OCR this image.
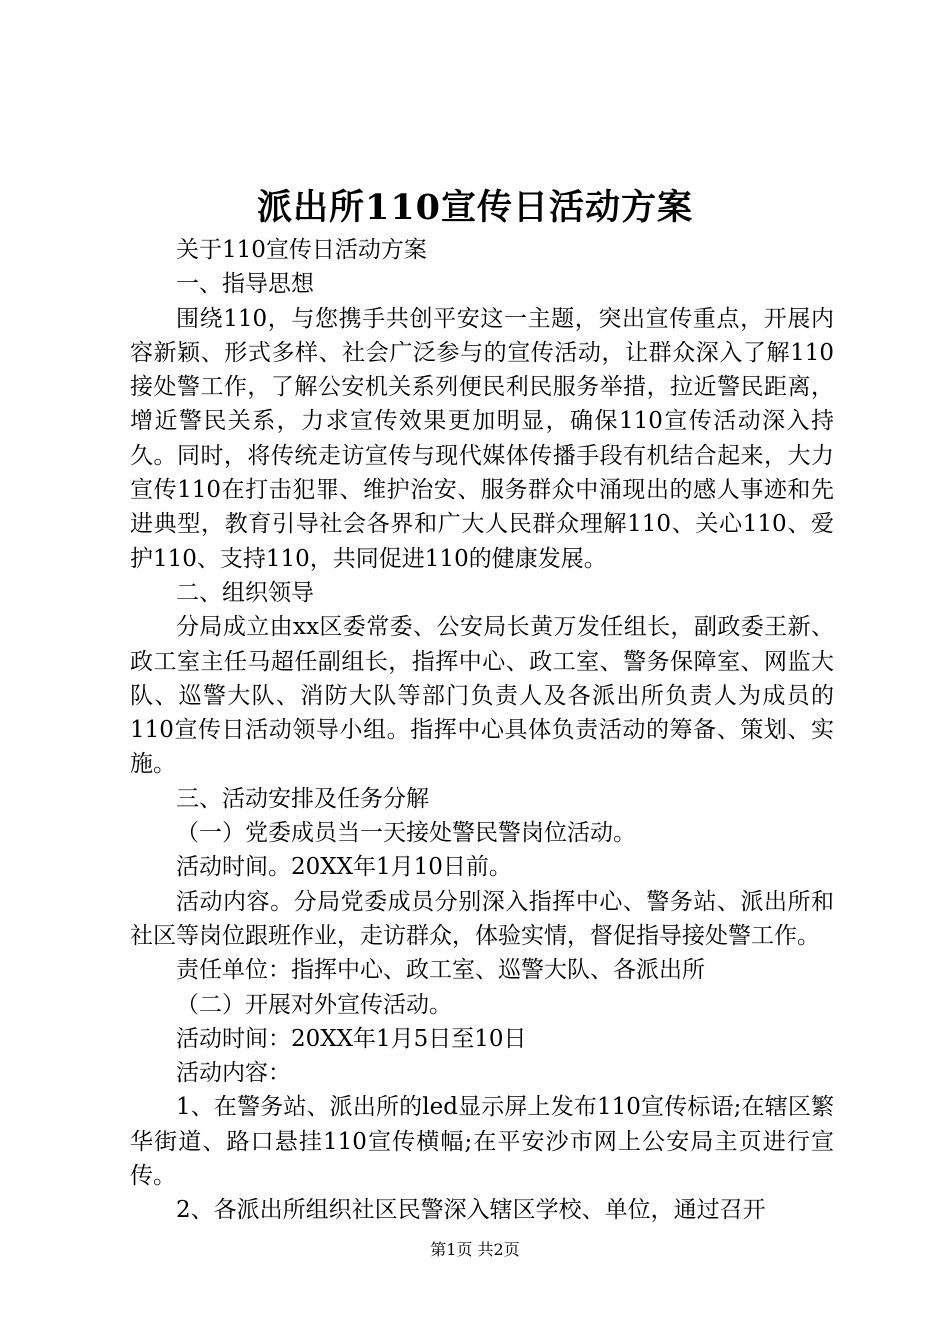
派出所110宣传日活动方案

关于110宣传日活动方案

一、指导思想

围绕110，与您携手共创平安这一主题，突出宣传重点，开展内容新颖、形式多样、社会广泛参与的宣传活动，让群众深入了解110接处警工作，了解公安机关系列便民利民服务举措，拉近警民距离，增近警民关系，力求宣传效果更加明显，确保110宣传活动深入持久。同时，将传统走访宣传与现代媒体传播手段有机结合起来，大力宣传110在打击犯罪、维护治安、服务群众中涌现出的感人事迹和先进典型，教育引导社会各界和广大人民群众理解110、关心110、爱护110、支持110，共同促进110的健康发展。

二、组织领导

分局成立由xx区委常委、公安局长黄万发任组长，副政委王新、政工室主任马超任副组长，指挥中心、政工室、警务保障室、网监大队、巡警大队、消防大队等部门负责人及各派出所负责人为成员的110宣传日活动领导小组。指挥中心具体负责活动的筹备、策划、实施。

三、活动安排及任务分解

（一）党委成员当一天接处警民警岗位活动。

活动时间。20XX年1月10日前。

活动内容。分局党委成员分别深入指挥中心、警务站、派出所和社区等岗位跟班作业，走访群众，体验实情，督促指导接处警工作。

责任单位：指挥中心、政工室、巡警大队、各派出所

（二）开展对外宣传活动。

活动时间：20XX年1月5日至10日

活动内容：

1、在警务站、派出所的led显示屏上发布110宣传标语;在辖区繁华街道、路口悬挂110宣传横幅;在平安沙市网上公安局主页进行宣传。

2、各派出所组织社区民警深入辖区学校、单位，通过召开

第1页 共2页
